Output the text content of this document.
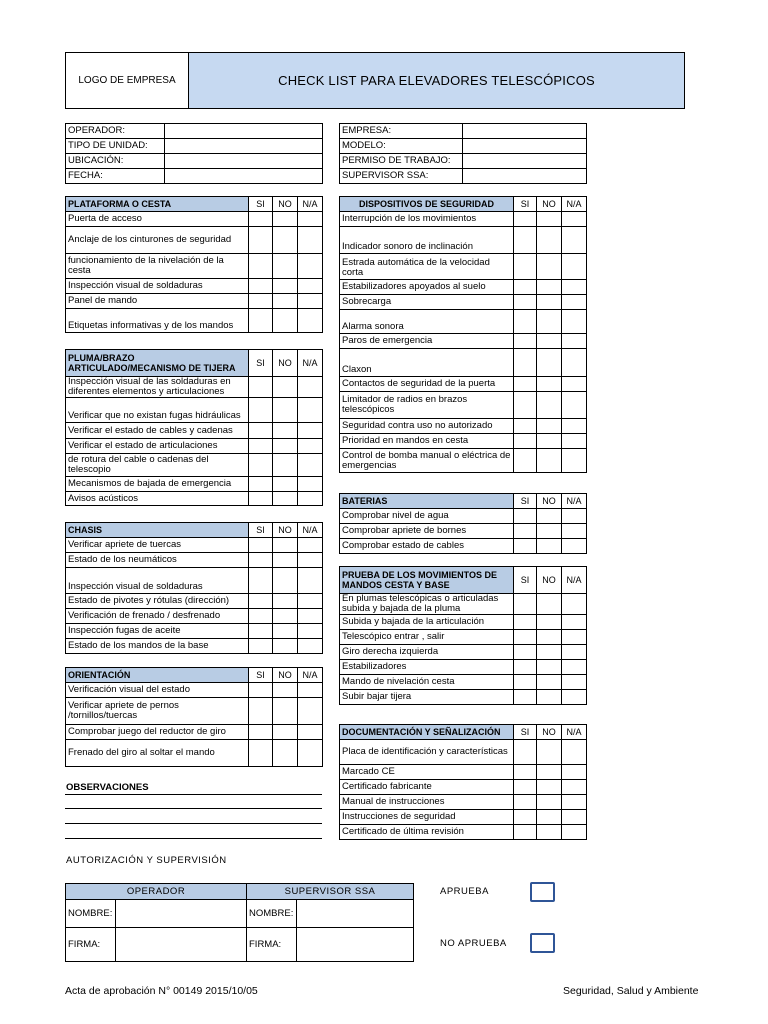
LOGO DE EMPRESA	CHECK LIST PARA ELEVADORES TELESCÓPICOS
OPERADOR:	
TIPO DE UNIDAD:	
UBICACIÓN:	
FECHA:	
EMPRESA:	
MODELO:	
PERMISO DE TRABAJO:	
SUPERVISOR SSA:	
PLATAFORMA O CESTA	SI	NO	N/A
Puerta de acceso			
Anclaje de los cinturones de seguridad			
funcionamiento de la nivelación de la cesta			
Inspección visual de soldaduras			
Panel de mando			
Etiquetas informativas y de los mandos			
PLUMA/BRAZO ARTICULADO/MECANISMO DE TIJERA	SI	NO	N/A
Inspección visual de las soldaduras en diferentes elementos y articulaciones			
Verificar que no existan fugas hidráulicas			
Verificar el estado de cables y cadenas			
Verificar el estado de articulaciones			
de rotura del cable o cadenas del telescopio			
Mecanismos de bajada de emergencia			
Avisos acústicos			
CHASIS	SI	NO	N/A
Verificar apriete de tuercas			
Estado de los neumáticos			
Inspección visual de soldaduras			
Estado de pivotes y rótulas (dirección)			
Verificación de frenado / desfrenado			
Inspección fugas de aceite			
Estado de los mandos de la base			
ORIENTACIÓN	SI	NO	N/A
Verificación visual del estado			
Verificar apriete de pernos /tornillos/tuercas			
Comprobar juego del reductor de giro			
Frenado del giro al soltar el mando			
OBSERVACIONES
DISPOSITIVOS DE SEGURIDAD	SI	NO	N/A
Interrupción de los movimientos			
Indicador sonoro de inclinación			
Estrada automática de la velocidad corta			
Estabilizadores apoyados al suelo			
Sobrecarga			
Alarma sonora			
Paros de emergencia			
Claxon			
Contactos de seguridad de la puerta			
Limitador de radios en brazos telescópicos			
Seguridad contra uso no autorizado			
Prioridad en mandos en cesta			
Control de bomba manual o eléctrica de emergencias			
BATERIAS	SI	NO	N/A
Comprobar nivel de agua			
Comprobar apriete de bornes			
Comprobar estado de cables			
PRUEBA DE LOS MOVIMIENTOS DE MANDOS CESTA Y BASE	SI	NO	N/A
En plumas telescópicas o articuladas subida y bajada de la pluma			
Subida y bajada de la articulación			
Telescópico entrar , salir			
Giro derecha izquierda			
Estabilizadores			
Mando de nivelación cesta			
Subir bajar tijera			
DOCUMENTACIÓN Y SEÑALIZACIÓN	SI	NO	N/A
Placa de identificación y características			
Marcado CE			
Certificado fabricante			
Manual de instrucciones			
Instrucciones de seguridad			
Certificado de última revisión			
AUTORIZACIÓN Y SUPERVISIÓN
OPERADOR		SUPERVISOR SSA	
NOMBRE:		NOMBRE:	
FIRMA:		FIRMA:	
APRUEBA
NO APRUEBA
Acta de aprobación N° 00149 2015/10/05	Seguridad, Salud y Ambiente
